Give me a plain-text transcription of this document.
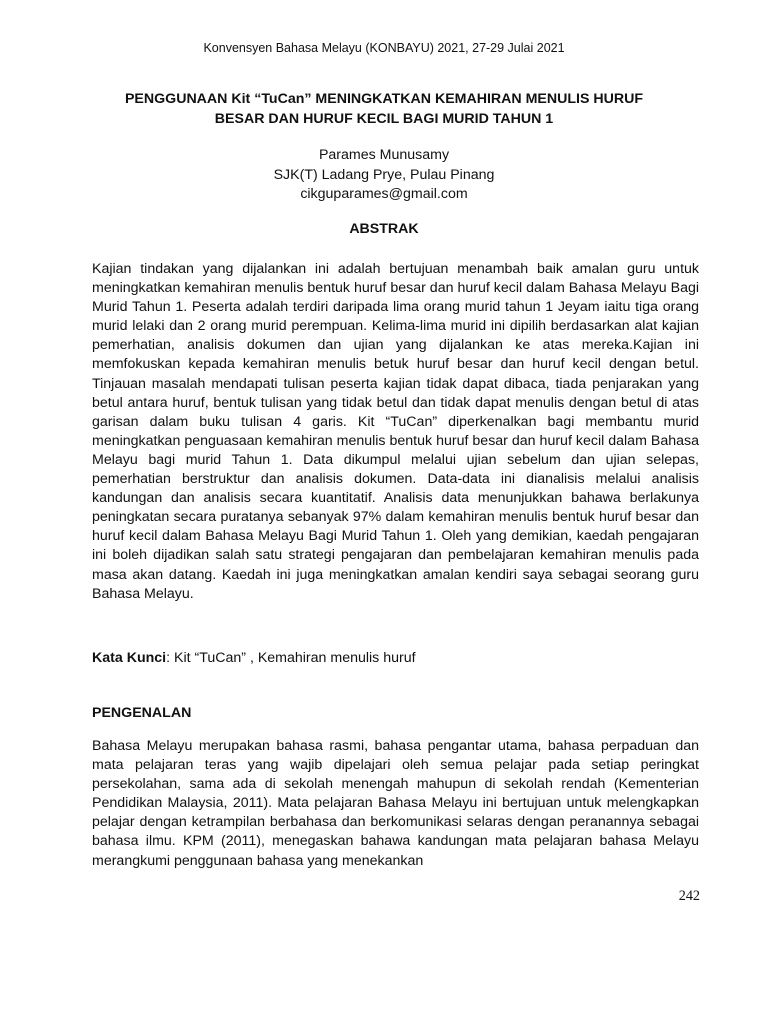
Konvensyen Bahasa Melayu (KONBAYU) 2021, 27-29 Julai 2021
PENGGUNAAN Kit “TuCan” MENINGKATKAN KEMAHIRAN MENULIS HURUF
BESAR DAN HURUF KECIL BAGI MURID TAHUN 1
Parames Munusamy
SJK(T) Ladang Prye, Pulau Pinang
cikguparames@gmail.com
ABSTRAK

Kajian tindakan yang dijalankan ini adalah bertujuan menambah baik amalan guru untuk meningkatkan kemahiran menulis bentuk huruf besar dan huruf kecil dalam Bahasa Melayu Bagi Murid Tahun 1. Peserta adalah terdiri daripada lima orang murid tahun 1 Jeyam iaitu tiga orang murid lelaki dan 2 orang murid perempuan. Kelima-lima murid ini dipilih berdasarkan alat kajian pemerhatian, analisis dokumen dan ujian yang dijalankan ke atas mereka.Kajian ini memfokuskan kepada kemahiran menulis betuk huruf besar dan huruf kecil dengan betul. Tinjauan masalah mendapati tulisan peserta kajian tidak dapat dibaca, tiada penjarakan yang betul antara huruf, bentuk tulisan yang tidak betul dan tidak dapat menulis dengan betul di atas garisan dalam buku tulisan 4 garis. Kit “TuCan” diperkenalkan bagi membantu murid meningkatkan penguasaan kemahiran menulis bentuk huruf besar dan huruf kecil dalam Bahasa Melayu bagi murid Tahun 1. Data dikumpul melalui ujian sebelum dan ujian selepas, pemerhatian berstruktur dan analisis dokumen. Data-data ini dianalisis melalui analisis kandungan dan analisis secara kuantitatif. Analisis data menunjukkan bahawa berlakunya peningkatan secara puratanya sebanyak 97% dalam kemahiran menulis bentuk huruf besar dan huruf kecil dalam Bahasa Melayu Bagi Murid Tahun 1. Oleh yang demikian, kaedah pengajaran ini boleh dijadikan salah satu strategi pengajaran dan pembelajaran kemahiran menulis pada masa akan datang. Kaedah ini juga meningkatkan amalan kendiri saya sebagai seorang guru Bahasa Melayu.

Kata Kunci: Kit “TuCan” , Kemahiran menulis huruf
PENGENALAN

Bahasa Melayu merupakan bahasa rasmi, bahasa pengantar utama, bahasa perpaduan dan mata pelajaran teras yang wajib dipelajari oleh semua pelajar pada setiap peringkat persekolahan, sama ada di sekolah menengah mahupun di sekolah rendah (Kementerian Pendidikan Malaysia, 2011). Mata pelajaran Bahasa Melayu ini bertujuan untuk melengkapkan pelajar dengan ketrampilan berbahasa dan berkomunikasi selaras dengan peranannya sebagai bahasa ilmu. KPM (2011), menegaskan bahawa kandungan mata pelajaran bahasa Melayu merangkumi penggunaan bahasa yang menekankan

242
